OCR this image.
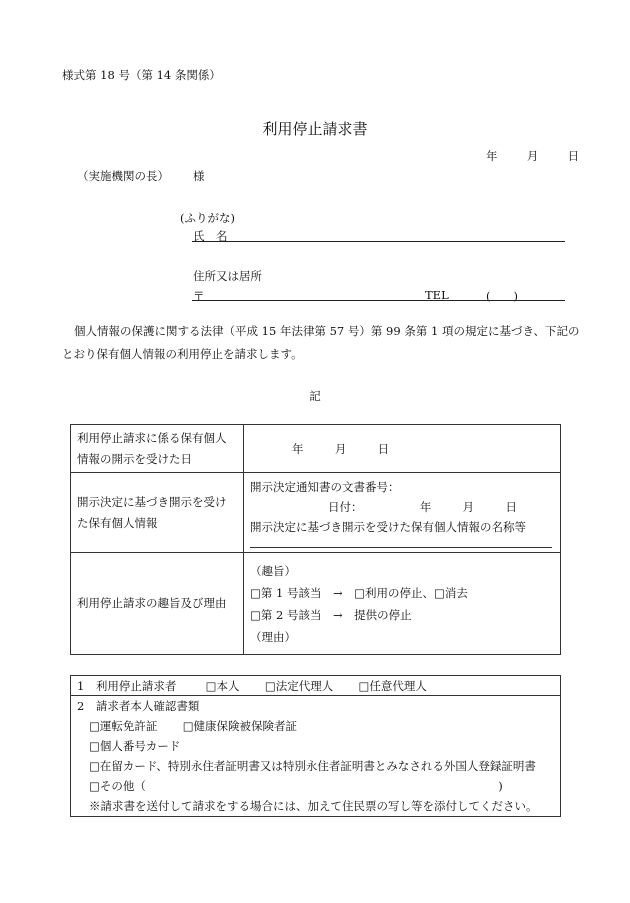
様式第 18 号（第 14 条関係）
利用停止請求書
年	月	日
（実施機関の長） 様
(ふりがな)
氏　名
住所又は居所
〒	TEL	(　　)
個人情報の保護に関する法律（平成 15 年法律第 57 号）第 99 条第 1 項の規定に基づき、下記のとおり保有個人情報の利用停止を請求します。
記
利用停止請求に係る保有個人情報の開示を受けた日	年 月 日
開示決定に基づき開示を受けた保有個人情報	開示決定通知書の文書番号：
日付： 年 月 日
開示決定に基づき開示を受けた保有個人情報の名称等

利用停止請求の趣旨及び理由	（趣旨）
□第 1 号該当　→　□利用の停止、□消去
□第 2 号該当　→　提供の停止
（理由）
1　利用停止請求者	□本人 □法定代理人 □任意代理人

2　請求者本人確認書類
□運転免許証 □健康保険被保険者証
□個人番号カード
□在留カード、特別永住者証明書又は特別永住者証明書とみなされる外国人登録証明書
□その他（	)
※請求書を送付して請求をする場合には、加えて住民票の写し等を添付してください。
